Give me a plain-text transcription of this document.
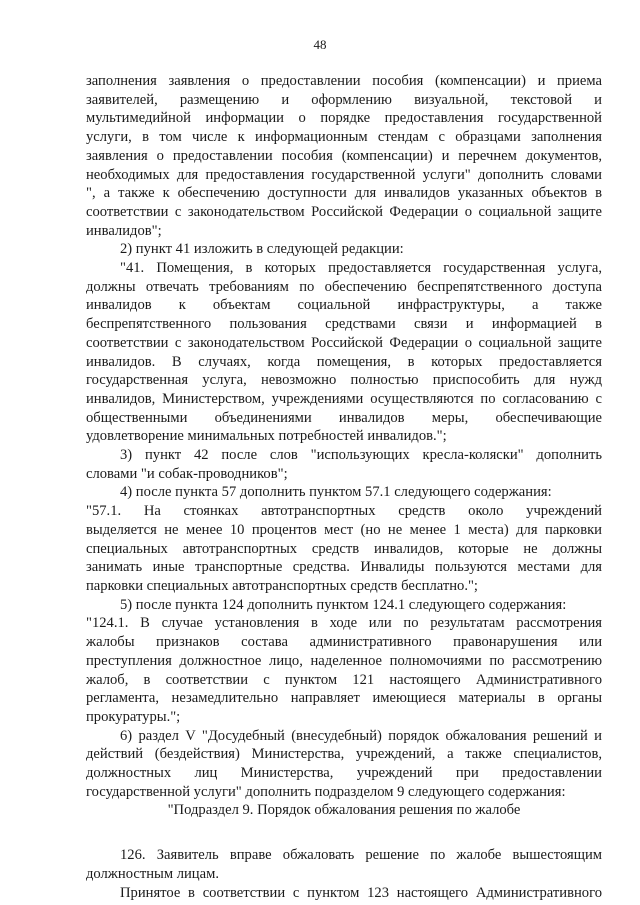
48
заполнения заявления о предоставлении пособия (компенсации) и приема
заявителей, размещению и оформлению визуальной, текстовой и
мультимедийной информации о порядке предоставления государственной
услуги, в том числе к информационным стендам с образцами заполнения
заявления о предоставлении пособия (компенсации) и перечнем документов,
необходимых для предоставления государственной услуги" дополнить словами
", а также к обеспечению доступности для инвалидов указанных объектов в
соответствии с законодательством Российской Федерации о социальной защите
инвалидов";
2) пункт 41 изложить в следующей редакции:
"41. Помещения, в которых предоставляется государственная услуга,
должны отвечать требованиям по обеспечению беспрепятственного доступа
инвалидов к объектам социальной инфраструктуры, а также
беспрепятственного пользования средствами связи и информацией в
соответствии с законодательством Российской Федерации о социальной защите
инвалидов. В случаях, когда помещения, в которых предоставляется
государственная услуга, невозможно полностью приспособить для нужд
инвалидов, Министерством, учреждениями осуществляются по согласованию с
общественными объединениями инвалидов меры, обеспечивающие
удовлетворение минимальных потребностей инвалидов.";
3) пункт 42 после слов "использующих кресла-коляски" дополнить
словами "и собак-проводников";
4) после пункта 57 дополнить пунктом 57.1 следующего содержания:
"57.1. На стоянках автотранспортных средств около учреждений
выделяется не менее 10 процентов мест (но не менее 1 места) для парковки
специальных автотранспортных средств инвалидов, которые не должны
занимать иные транспортные средства. Инвалиды пользуются местами для
парковки специальных автотранспортных средств бесплатно.";
5) после пункта 124 дополнить пунктом 124.1 следующего содержания:
"124.1. В случае установления в ходе или по результатам рассмотрения
жалобы признаков состава административного правонарушения или
преступления должностное лицо, наделенное полномочиями по рассмотрению
жалоб, в соответствии с пунктом 121 настоящего Административного
регламента, незамедлительно направляет имеющиеся материалы в органы
прокуратуры.";
6) раздел V "Досудебный (внесудебный) порядок обжалования решений и
действий (бездействия) Министерства, учреждений, а также специалистов,
должностных лиц Министерства, учреждений при предоставлении
государственной услуги" дополнить подразделом 9 следующего содержания:

"Подраздел 9. Порядок обжалования решения по жалобе

126. Заявитель вправе обжаловать решение по жалобе вышестоящим
должностным лицам.
Принятое в соответствии с пунктом 123 настоящего Административного
